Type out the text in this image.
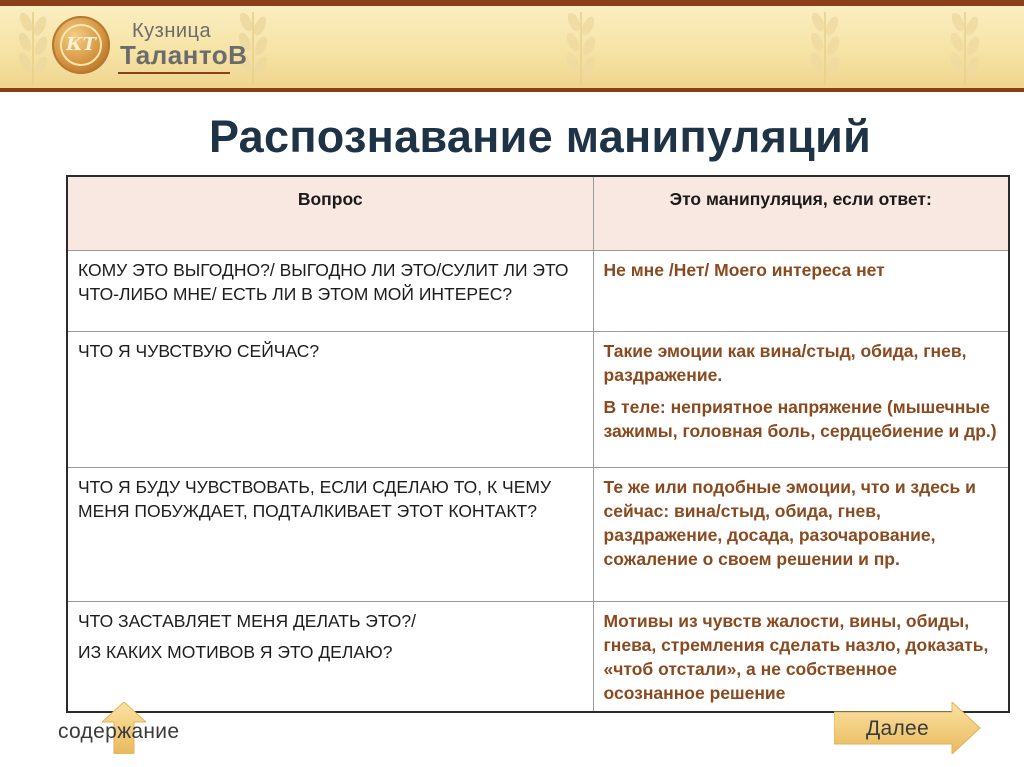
КТ
Кузница
ТалантоВ
Распознавание манипуляций
Вопрос	Это манипуляция, если ответ:

КОМУ ЭТО ВЫГОДНО?/ ВЫГОДНО ЛИ ЭТО/СУЛИТ ЛИ ЭТО ЧТО-ЛИБО МНЕ/ ЕСТЬ ЛИ В ЭТОМ МОЙ ИНТЕРЕС?	Не мне /Нет/ Моего интереса нет

ЧТО Я ЧУВСТВУЮ СЕЙЧАС?	Такие эмоции как вина/стыд, обида, гнев, раздражение.
В теле: неприятное напряжение (мышечные зажимы, головная боль, сердцебиение и др.)

ЧТО Я БУДУ ЧУВСТВОВАТЬ, ЕСЛИ СДЕЛАЮ ТО, К ЧЕМУ МЕНЯ ПОБУЖДАЕТ, ПОДТАЛКИВАЕТ ЭТОТ КОНТАКТ?	Те же или подобные эмоции, что и здесь и сейчас: вина/стыд, обида, гнев, раздражение, досада, разочарование, сожаление о своем решении и пр.

ЧТО ЗАСТАВЛЯЕТ МЕНЯ ДЕЛАТЬ ЭТО?/
ИЗ КАКИХ МОТИВОВ Я ЭТО ДЕЛАЮ?	Мотивы из чувств жалости, вины, обиды, гнева, стремления сделать назло, доказать, «чтоб отстали», а не собственное осознанное решение
содержание	Далее
